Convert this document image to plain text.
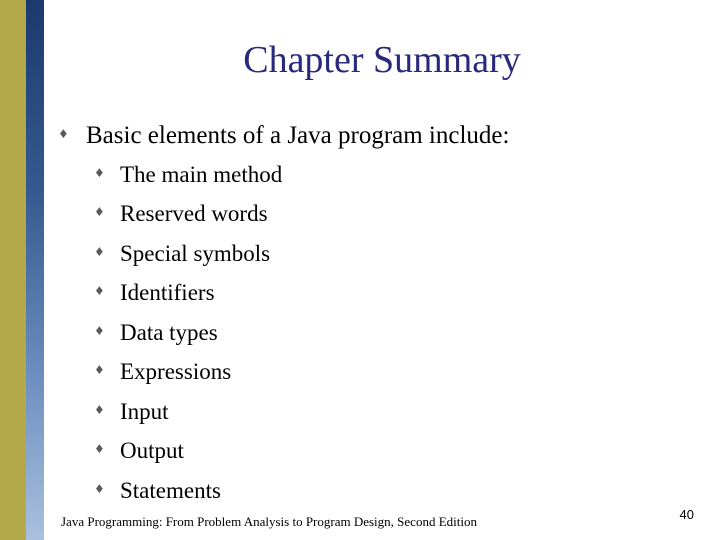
Chapter Summary
♦ Basic elements of a Java program include:
♦ The main method
♦ Reserved words
♦ Special symbols
♦ Identifiers
♦ Data types
♦ Expressions
♦ Input
♦ Output
♦ Statements
Java Programming: From Problem Analysis to Program Design, Second Edition	40
